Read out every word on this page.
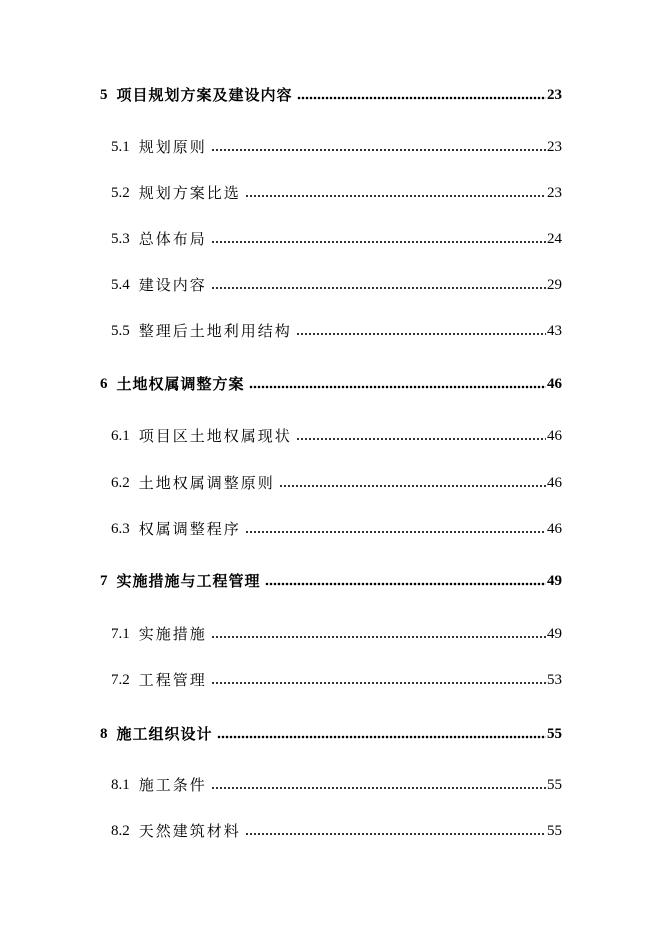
5 项目规划方案及建设内容	23
5.1 规划原则	23
5.2 规划方案比选	23
5.3 总体布局	24
5.4 建设内容	29
5.5 整理后土地利用结构	43
6 土地权属调整方案	46
6.1 项目区土地权属现状	46
6.2 土地权属调整原则	46
6.3 权属调整程序	46
7 实施措施与工程管理	49
7.1 实施措施	49
7.2 工程管理	53
8 施工组织设计	55
8.1 施工条件	55
8.2 天然建筑材料	55
